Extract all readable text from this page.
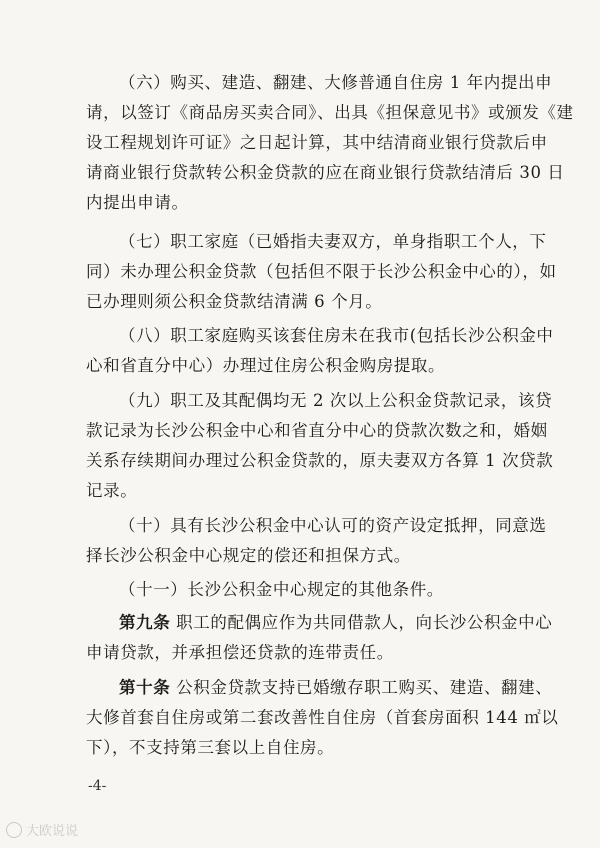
（六）购买、建造、翻建、大修普通自住房 1 年内提出申
请，以签订《商品房买卖合同》、出具《担保意见书》或颁发《建
设工程规划许可证》之日起计算，其中结清商业银行贷款后申
请商业银行贷款转公积金贷款的应在商业银行贷款结清后 30 日
内提出申请。
（七）职工家庭（已婚指夫妻双方，单身指职工个人，下
同）未办理公积金贷款（包括但不限于长沙公积金中心的），如
已办理则须公积金贷款结清满 6 个月。
（八）职工家庭购买该套住房未在我市(包括长沙公积金中
心和省直分中心）办理过住房公积金购房提取。
（九）职工及其配偶均无 2 次以上公积金贷款记录，该贷
款记录为长沙公积金中心和省直分中心的贷款次数之和，婚姻
关系存续期间办理过公积金贷款的，原夫妻双方各算 1 次贷款
记录。
（十）具有长沙公积金中心认可的资产设定抵押，同意选
择长沙公积金中心规定的偿还和担保方式。
（十一）长沙公积金中心规定的其他条件。
第九条 职工的配偶应作为共同借款人，向长沙公积金中心
申请贷款，并承担偿还贷款的连带责任。
第十条 公积金贷款支持已婚缴存职工购买、建造、翻建、
大修首套自住房或第二套改善性自住房（首套房面积 144 ㎡以
下），不支持第三套以上自住房。
-4-
大欧说说
